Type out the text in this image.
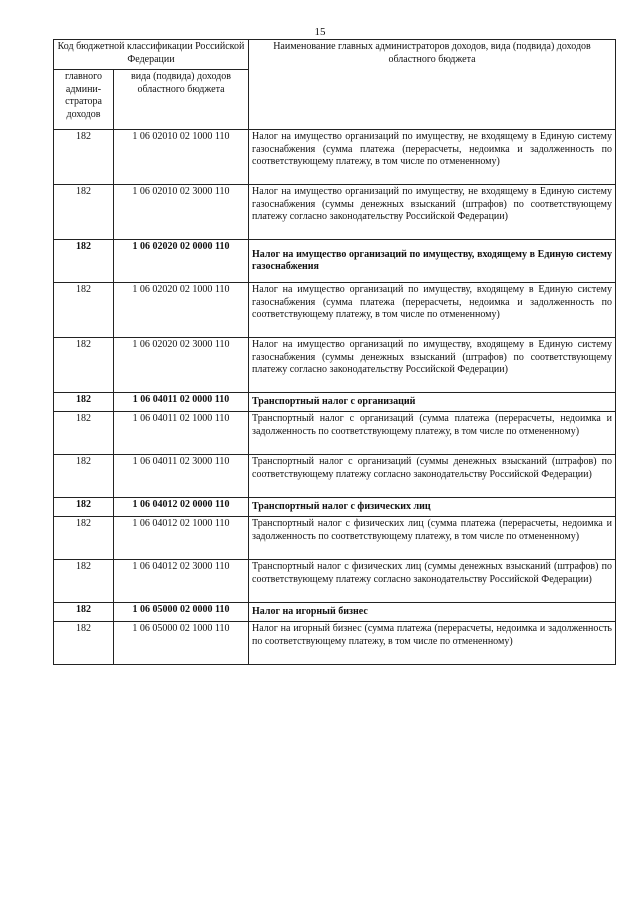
15
Код бюджетной классификации Российской Федерации		Наименование главных администраторов доходов, вида (подвида) доходов областного бюджета
главного админи-стратора доходов	вида (подвида) доходов областного бюджета	
182	1 06 02010 02 1000 110	Налог на имущество организаций по имуществу, не входящему в Единую систему газоснабжения (сумма платежа (перерасчеты, недоимка и задолженность по соответствующему платежу, в том числе по отмененному)
182	1 06 02010 02 3000 110	Налог на имущество организаций по имуществу, не входящему в Единую систему газоснабжения (суммы денежных взысканий (штрафов) по соответствующему платежу согласно законодательству Российской Федерации)
182	1 06 02020 02 0000 110	Налог на имущество организаций по имуществу, входящему в Единую систему газоснабжения
182	1 06 02020 02 1000 110	Налог на имущество организаций по имуществу, входящему в Единую систему газоснабжения (сумма платежа (перерасчеты, недоимка и задолженность по соответствующему платежу, в том числе по отмененному)
182	1 06 02020 02 3000 110	Налог на имущество организаций по имуществу, входящему в Единую систему газоснабжения (суммы денежных взысканий (штрафов) по соответствующему платежу согласно законодательству Российской Федерации)
182	1 06 04011 02 0000 110	Транспортный налог с организаций
182	1 06 04011 02 1000 110	Транспортный налог с организаций (сумма платежа (перерасчеты, недоимка и задолженность по соответствующему платежу, в том числе по отмененному)
182	1 06 04011 02 3000 110	Транспортный налог с организаций (суммы денежных взысканий (штрафов) по соответствующему платежу согласно законодательству Российской Федерации)
182	1 06 04012 02 0000 110	Транспортный налог с физических лиц
182	1 06 04012 02 1000 110	Транспортный налог с физических лиц (сумма платежа (перерасчеты, недоимка и задолженность по соответствующему платежу, в том числе по отмененному)
182	1 06 04012 02 3000 110	Транспортный налог с физических лиц (суммы денежных взысканий (штрафов) по соответствующему платежу согласно законодательству Российской Федерации)
182	1 06 05000 02 0000 110	Налог на игорный бизнес
182	1 06 05000 02 1000 110	Налог на игорный бизнес (сумма платежа (перерасчеты, недоимка и задолженность по соответствующему платежу, в том числе по отмененному)
